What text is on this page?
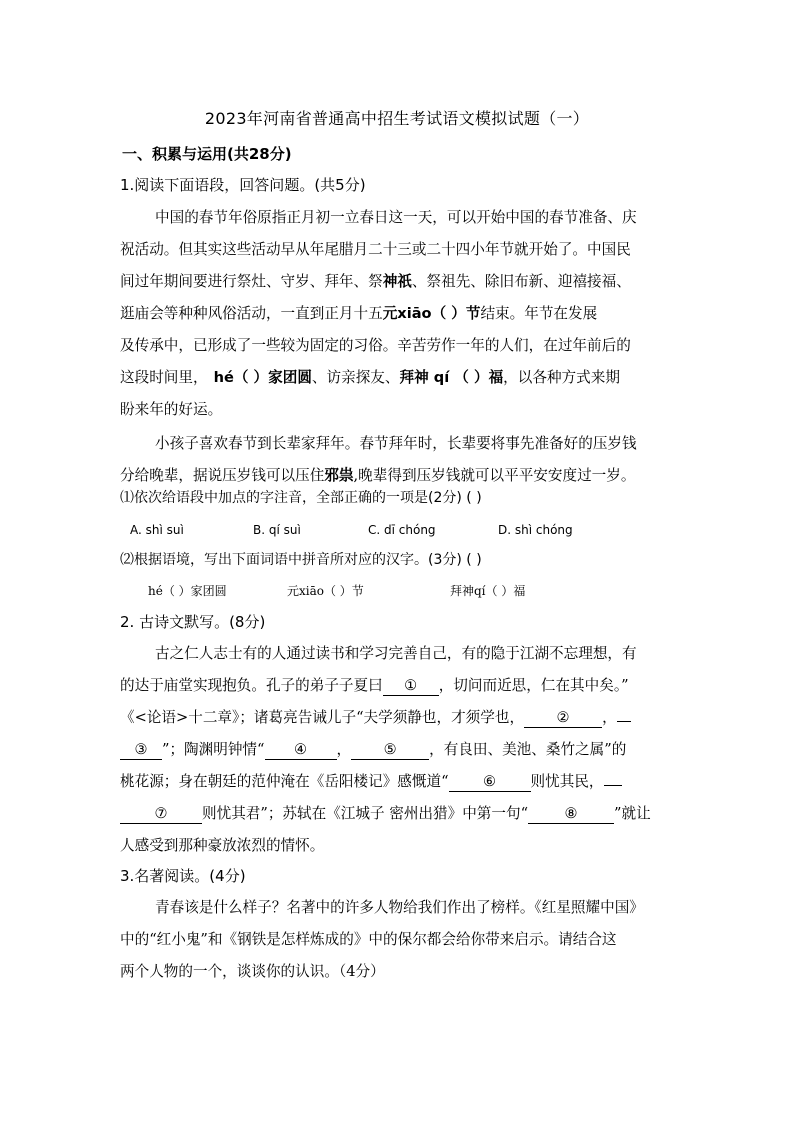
2023年河南省普通高中招生考试语文模拟试题（一）
一、积累与运用(共28分)
1.阅读下面语段，回答问题。(共5分)
中国的春节年俗原指正月初一立春日这一天，可以开始中国的春节准备、庆
祝活动。但其实这些活动早从年尾腊月二十三或二十四小年节就开始了。中国民
间过年期间要进行祭灶、守岁、拜年、祭神祇、祭祖先、除旧布新、迎禧接福、
逛庙会等种种风俗活动，一直到正月十五元xiāo（ ）节结束。年节在发展
及传承中，已形成了一些较为固定的习俗。辛苦劳作一年的人们，在过年前后的
这段时间里， hé（ ）家团圆、访亲探友、拜神 qí （ ）福，以各种方式来期
盼来年的好运。
小孩子喜欢春节到长辈家拜年。春节拜年时，长辈要将事先准备好的压岁钱
分给晚辈，据说压岁钱可以压住邪祟,晚辈得到压岁钱就可以平平安安度过一岁。
⑴依次给语段中加点的字注音，全部正确的一项是(2分) ( )
A. shì suì	B. qí suì	C. dī chóng	D. shì chóng
⑵根据语境，写出下面词语中拼音所对应的汉字。(3分) ( )
hé（ ）家团圆	元xiāo（ ）节	拜神qí（ ）福
2. 古诗文默写。(8分)
古之仁人志士有的人通过读书和学习完善自己，有的隐于江湖不忘理想，有
的达于庙堂实现抱负。孔子的弟子子夏曰 ① ，切问而近思，仁在其中矣。”
《<论语>十二章》；诸葛亮告诫儿子“夫学须静也，才须学也， ② ，
③ ”；陶渊明钟情“ ④ ， ⑤ ，有良田、美池、桑竹之属”的
桃花源；身在朝廷的范仲淹在《岳阳楼记》感慨道“ ⑥ 则忧其民，
⑦ 则忧其君”；苏轼在《江城子 密州出猎》中第一句“ ⑧ ”就让
人感受到那种豪放浓烈的情怀。
3.名著阅读。(4分)
青春该是什么样子？名著中的许多人物给我们作出了榜样。《红星照耀中国》
中的“红小鬼”和《钢铁是怎样炼成的》中的保尔都会给你带来启示。请结合这
两个人物的一个，谈谈你的认识。（4分）
